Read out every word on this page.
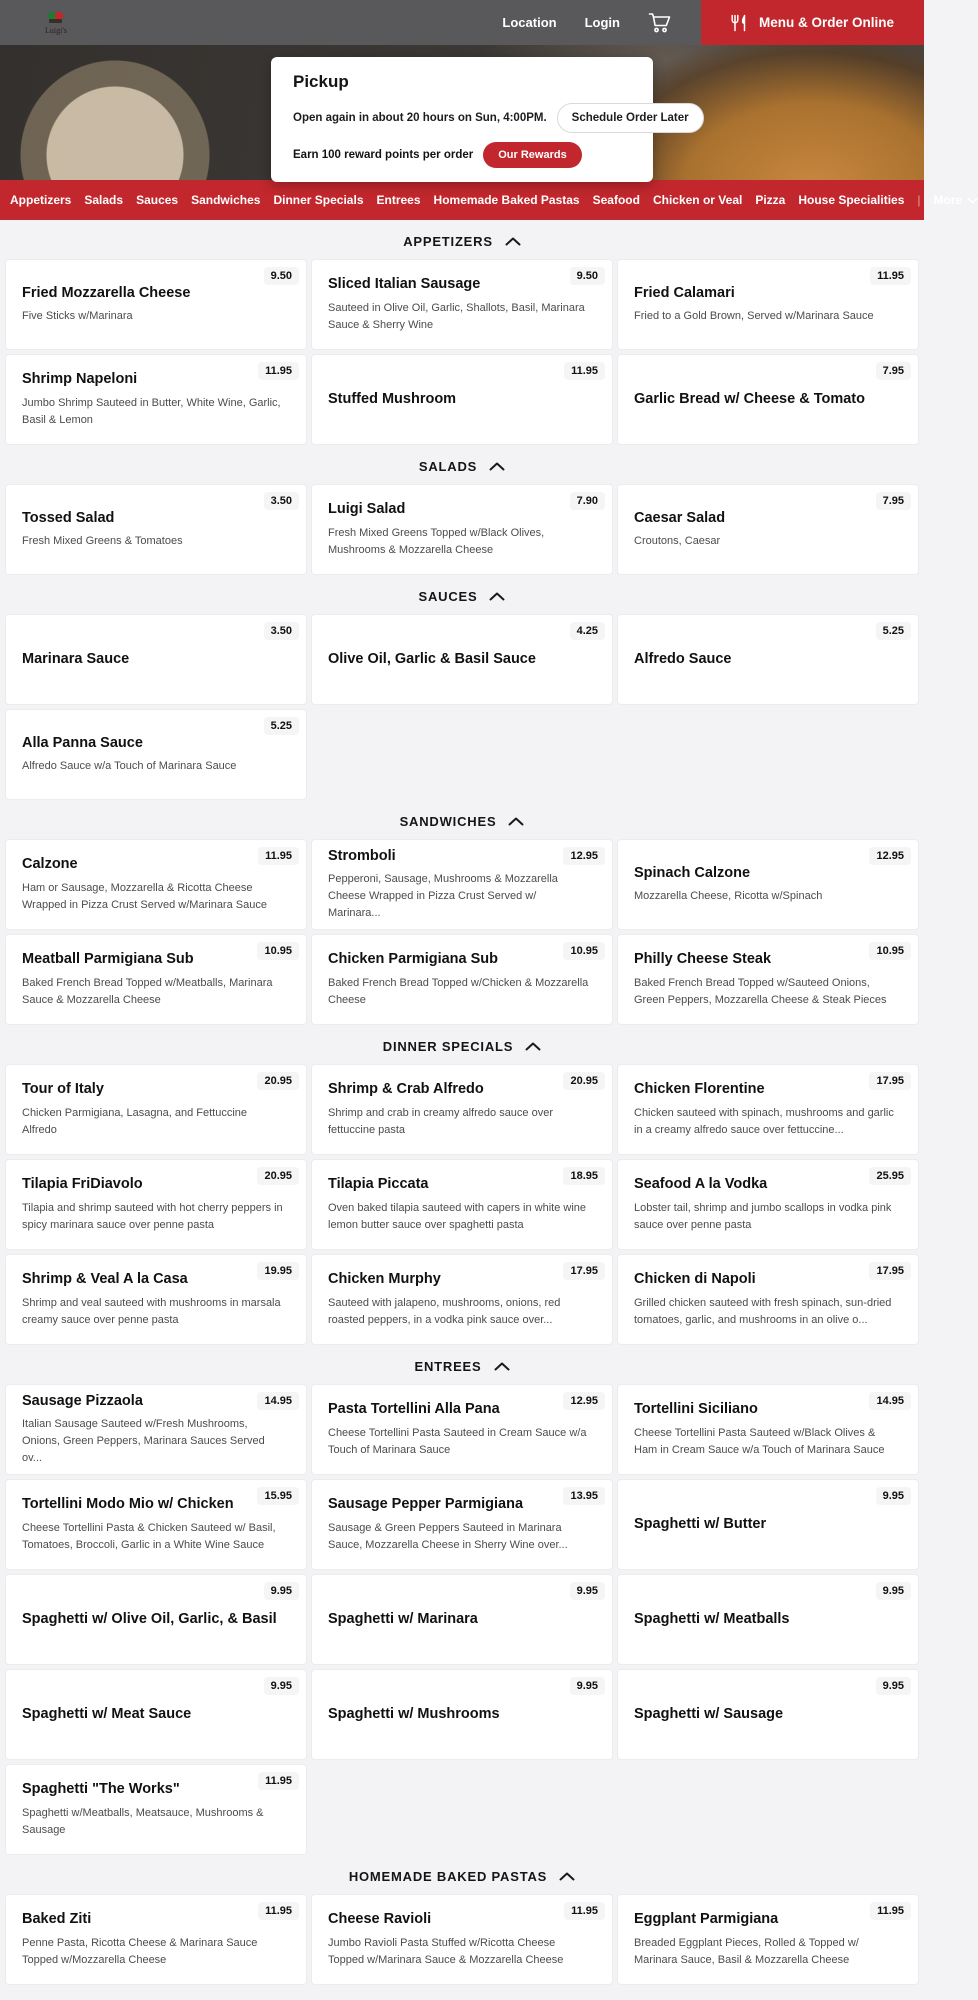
Luigi's	Location Login	Menu & Order Online
Pickup
Open again in about 20 hours on Sun, 4:00PM.	Schedule Order Later
Earn 100 reward points per order	Our Rewards
Appetizers Salads Sauces Sandwiches Dinner Specials Entrees Homemade Baked Pastas Seafood Chicken or Veal Pizza House Specialities | More
APPETIZERS
9.50
Fried Mozzarella Cheese
Five Sticks w/Marinara
9.50
Sliced Italian Sausage
Sauteed in Olive Oil, Garlic, Shallots, Basil, Marinara Sauce & Sherry Wine
11.95
Fried Calamari
Fried to a Gold Brown, Served w/Marinara Sauce
11.95
Shrimp Napeloni
Jumbo Shrimp Sauteed in Butter, White Wine, Garlic, Basil & Lemon
11.95
Stuffed Mushroom
7.95
Garlic Bread w/ Cheese & Tomato
SALADS
3.50
Tossed Salad
Fresh Mixed Greens & Tomatoes
7.90
Luigi Salad
Fresh Mixed Greens Topped w/Black Olives, Mushrooms & Mozzarella Cheese
7.95
Caesar Salad
Croutons, Caesar
SAUCES
3.50
Marinara Sauce
4.25
Olive Oil, Garlic & Basil Sauce
5.25
Alfredo Sauce
5.25
Alla Panna Sauce
Alfredo Sauce w/a Touch of Marinara Sauce
SANDWICHES
11.95
Calzone
Ham or Sausage, Mozzarella & Ricotta Cheese Wrapped in Pizza Crust Served w/Marinara Sauce
12.95
Stromboli
Pepperoni, Sausage, Mushrooms & Mozzarella Cheese Wrapped in Pizza Crust Served w/ Marinara...
12.95
Spinach Calzone
Mozzarella Cheese, Ricotta w/Spinach
10.95
Meatball Parmigiana Sub
Baked French Bread Topped w/Meatballs, Marinara Sauce & Mozzarella Cheese
10.95
Chicken Parmigiana Sub
Baked French Bread Topped w/Chicken & Mozzarella Cheese
10.95
Philly Cheese Steak
Baked French Bread Topped w/Sauteed Onions, Green Peppers, Mozzarella Cheese & Steak Pieces
DINNER SPECIALS
20.95
Tour of Italy
Chicken Parmigiana, Lasagna, and Fettuccine Alfredo
20.95
Shrimp & Crab Alfredo
Shrimp and crab in creamy alfredo sauce over fettuccine pasta
17.95
Chicken Florentine
Chicken sauteed with spinach, mushrooms and garlic in a creamy alfredo sauce over fettuccine...
20.95
Tilapia FriDiavolo
Tilapia and shrimp sauteed with hot cherry peppers in spicy marinara sauce over penne pasta
18.95
Tilapia Piccata
Oven baked tilapia sauteed with capers in white wine lemon butter sauce over spaghetti pasta
25.95
Seafood A la Vodka
Lobster tail, shrimp and jumbo scallops in vodka pink sauce over penne pasta
19.95
Shrimp & Veal A la Casa
Shrimp and veal sauteed with mushrooms in marsala creamy sauce over penne pasta
17.95
Chicken Murphy
Sauteed with jalapeno, mushrooms, onions, red roasted peppers, in a vodka pink sauce over...
17.95
Chicken di Napoli
Grilled chicken sauteed with fresh spinach, sun-dried tomatoes, garlic, and mushrooms in an olive o...
ENTREES
14.95
Sausage Pizzaola
Italian Sausage Sauteed w/Fresh Mushrooms, Onions, Green Peppers, Marinara Sauces Served ov...
12.95
Pasta Tortellini Alla Pana
Cheese Tortellini Pasta Sauteed in Cream Sauce w/a Touch of Marinara Sauce
14.95
Tortellini Siciliano
Cheese Tortellini Pasta Sauteed w/Black Olives & Ham in Cream Sauce w/a Touch of Marinara Sauce
15.95
Tortellini Modo Mio w/ Chicken
Cheese Tortellini Pasta & Chicken Sauteed w/ Basil, Tomatoes, Broccoli, Garlic in a White Wine Sauce
13.95
Sausage Pepper Parmigiana
Sausage & Green Peppers Sauteed in Marinara Sauce, Mozzarella Cheese in Sherry Wine over...
9.95
Spaghetti w/ Butter
9.95
Spaghetti w/ Olive Oil, Garlic, & Basil
9.95
Spaghetti w/ Marinara
9.95
Spaghetti w/ Meatballs
9.95
Spaghetti w/ Meat Sauce
9.95
Spaghetti w/ Mushrooms
9.95
Spaghetti w/ Sausage
11.95
Spaghetti "The Works"
Spaghetti w/Meatballs, Meatsauce, Mushrooms & Sausage
HOMEMADE BAKED PASTAS
11.95
Baked Ziti
Penne Pasta, Ricotta Cheese & Marinara Sauce Topped w/Mozzarella Cheese
11.95
Cheese Ravioli
Jumbo Ravioli Pasta Stuffed w/Ricotta Cheese Topped w/Marinara Sauce & Mozzarella Cheese
11.95
Eggplant Parmigiana
Breaded Eggplant Pieces, Rolled & Topped w/ Marinara Sauce, Basil & Mozzarella Cheese
